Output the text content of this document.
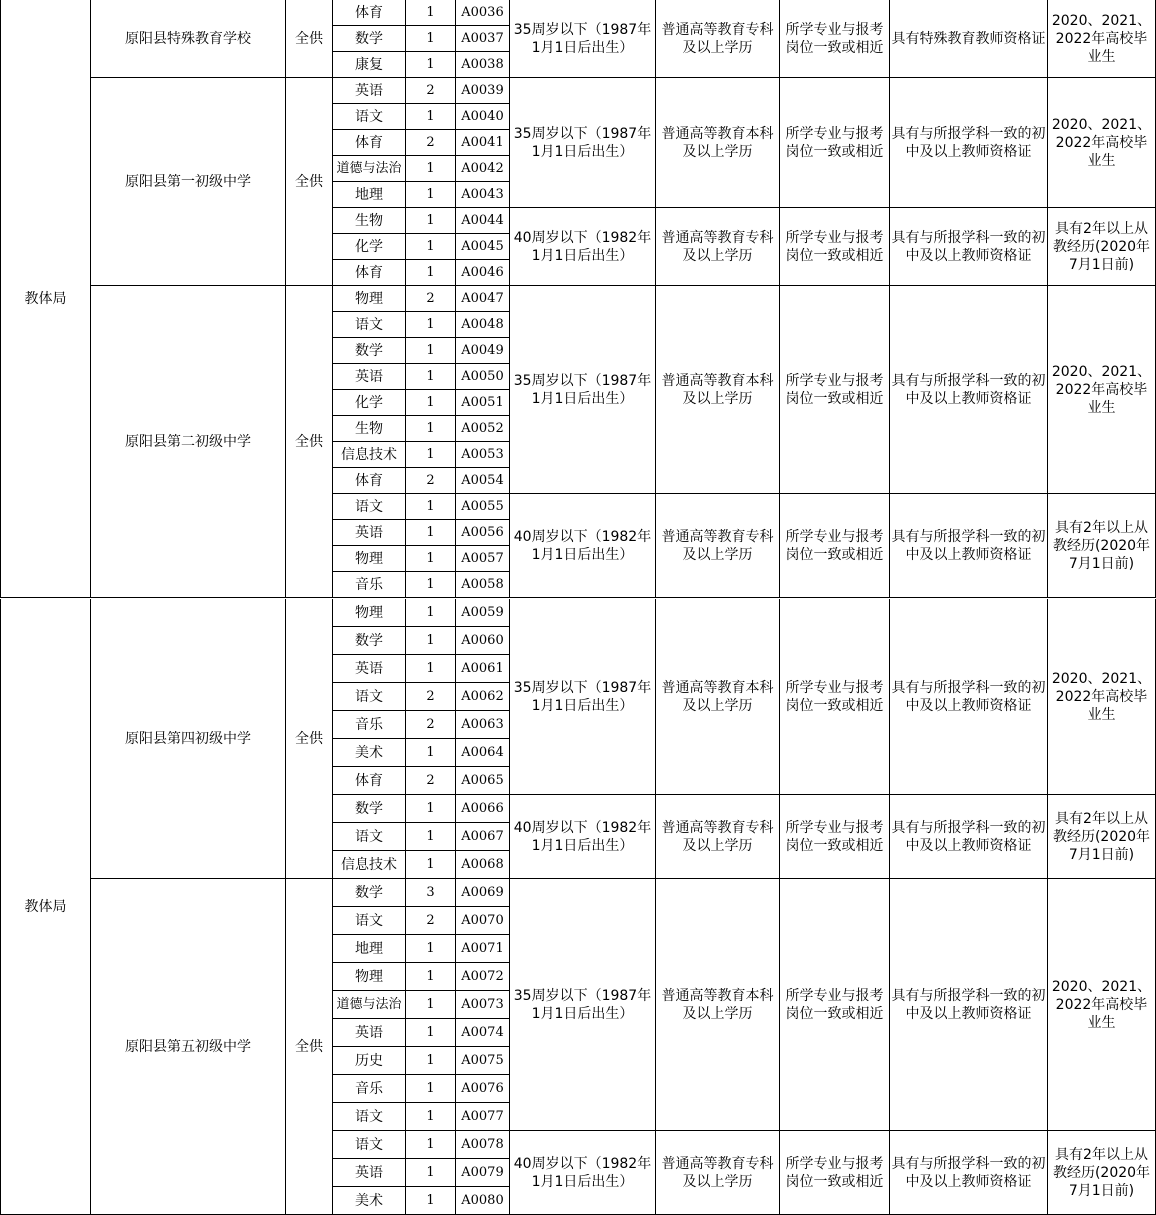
体育	1 A0036
数学	1 A0037
康复	1 A0038
35周岁以下（1987年1月1日后出生）
普通高等教育专科及以上学历
所学专业与报考岗位一致或相近
具有特殊教育教师资格证
2020、2021、2022年高校毕业生
原阳县特殊教育学校	全供
英语	2 A0039
语文	1 A0040
体育	2 A0041
道德与法治 1 A0042
地理	1 A0043
35周岁以下（1987年1月1日后出生）
普通高等教育本科及以上学历
所学专业与报考岗位一致或相近
具有与所报学科一致的初中及以上教师资格证
2020、2021、2022年高校毕业生
生物	1 A0044
化学	1 A0045
体育	1 A0046
40周岁以下（1982年1月1日后出生）
普通高等教育专科及以上学历
所学专业与报考岗位一致或相近
具有与所报学科一致的初中及以上教师资格证
具有2年以上从教经历(2020年7月1日前)
原阳县第一初级中学	全供
物理	2 A0047
语文	1 A0048
数学	1 A0049
英语	1 A0050
化学	1 A0051
生物	1 A0052
信息技术 1 A0053
体育	2 A0054
35周岁以下（1987年1月1日后出生）
普通高等教育本科及以上学历
所学专业与报考岗位一致或相近
具有与所报学科一致的初中及以上教师资格证
2020、2021、2022年高校毕业生
语文	1 A0055
英语	1 A0056
物理	1 A0057
音乐	1 A0058
40周岁以下（1982年1月1日后出生）
普通高等教育专科及以上学历
所学专业与报考岗位一致或相近
具有与所报学科一致的初中及以上教师资格证
具有2年以上从教经历(2020年7月1日前)
原阳县第二初级中学	全供
教体局
物理	1 A0059
数学	1 A0060
英语	1 A0061
语文	2 A0062
音乐	2 A0063
美术	1 A0064
体育	2 A0065
35周岁以下（1987年1月1日后出生）
普通高等教育本科及以上学历
所学专业与报考岗位一致或相近
具有与所报学科一致的初中及以上教师资格证
2020、2021、2022年高校毕业生
数学	1 A0066
语文	1 A0067
信息技术 1 A0068
40周岁以下（1982年1月1日后出生）
普通高等教育专科及以上学历
所学专业与报考岗位一致或相近
具有与所报学科一致的初中及以上教师资格证
具有2年以上从教经历(2020年7月1日前)
原阳县第四初级中学	全供
数学	3 A0069
语文	2 A0070
地理	1 A0071
物理	1 A0072
道德与法治 1 A0073
英语	1 A0074
历史	1 A0075
音乐	1 A0076
语文	1 A0077
35周岁以下（1987年1月1日后出生）
普通高等教育本科及以上学历
所学专业与报考岗位一致或相近
具有与所报学科一致的初中及以上教师资格证
2020、2021、2022年高校毕业生
语文	1 A0078
英语	1 A0079
美术	1 A0080
40周岁以下（1982年1月1日后出生）
普通高等教育专科及以上学历
所学专业与报考岗位一致或相近
具有与所报学科一致的初中及以上教师资格证
具有2年以上从教经历(2020年7月1日前)
原阳县第五初级中学	全供
教体局
